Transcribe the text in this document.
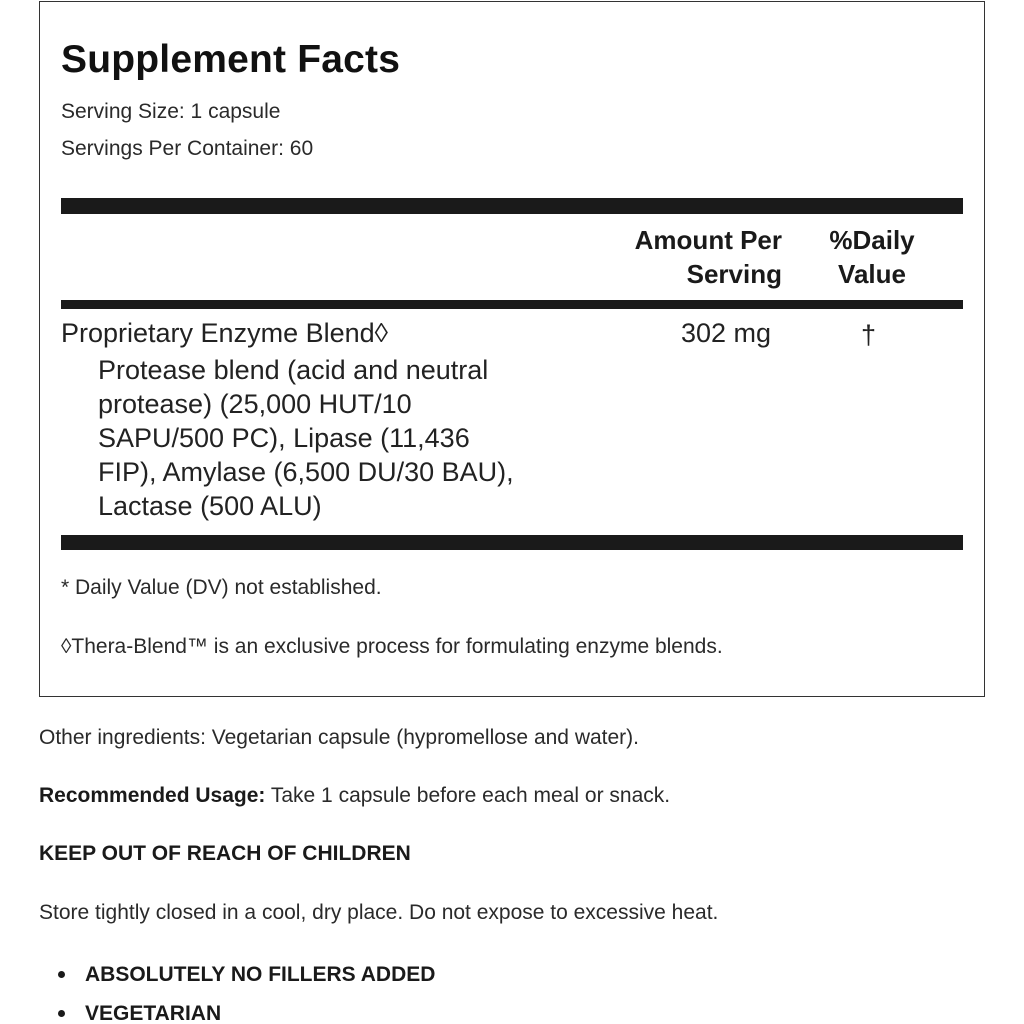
Supplement Facts
Serving Size: 1 capsule
Servings Per Container: 60
Amount Per
Serving
%Daily
Value
Proprietary Enzyme Blend◊	302 mg	†
Protease blend (acid and neutral
protease) (25,000 HUT/10
SAPU/500 PC), Lipase (11,436
FIP), Amylase (6,500 DU/30 BAU),
Lactase (500 ALU)
* Daily Value (DV) not established.
◊Thera-Blend™ is an exclusive process for formulating enzyme blends.
Other ingredients: Vegetarian capsule (hypromellose and water).
Recommended Usage: Take 1 capsule before each meal or snack.
KEEP OUT OF REACH OF CHILDREN
Store tightly closed in a cool, dry place. Do not expose to excessive heat.
ABSOLUTELY NO FILLERS ADDED
VEGETARIAN
